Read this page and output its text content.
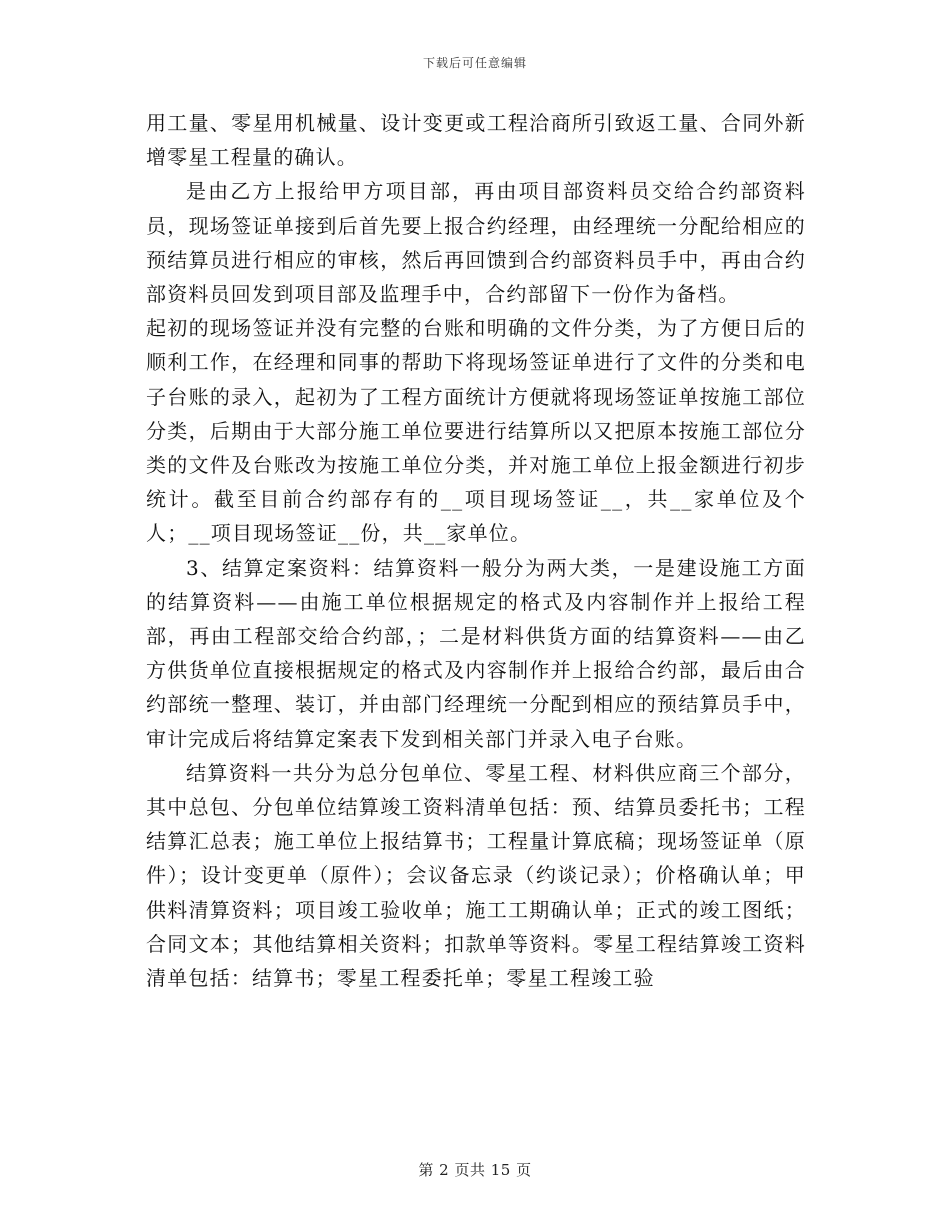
下载后可任意编辑

用工量、零星用机械量、设计变更或工程洽商所引致返工量、合同外新增零星工程量的确认。

是由乙方上报给甲方项目部，再由项目部资料员交给合约部资料员，现场签证单接到后首先要上报合约经理，由经理统一分配给相应的预结算员进行相应的审核，然后再回馈到合约部资料员手中，再由合约部资料员回发到项目部及监理手中，合约部留下一份作为备档。

起初的现场签证并没有完整的台账和明确的文件分类，为了方便日后的顺利工作，在经理和同事的帮助下将现场签证单进行了文件的分类和电子台账的录入，起初为了工程方面统计方便就将现场签证单按施工部位分类，后期由于大部分施工单位要进行结算所以又把原本按施工部位分类的文件及台账改为按施工单位分类，并对施工单位上报金额进行初步统计。截至目前合约部存有的__项目现场签证__，共__家单位及个人；__项目现场签证__份，共__家单位。

3、结算定案资料：结算资料一般分为两大类，一是建设施工方面的结算资料——由施工单位根据规定的格式及内容制作并上报给工程部，再由工程部交给合约部，；二是材料供货方面的结算资料——由乙方供货单位直接根据规定的格式及内容制作并上报给合约部，最后由合约部统一整理、装订，并由部门经理统一分配到相应的预结算员手中，审计完成后将结算定案表下发到相关部门并录入电子台账。

结算资料一共分为总分包单位、零星工程、材料供应商三个部分，其中总包、分包单位结算竣工资料清单包括：预、结算员委托书；工程结算汇总表；施工单位上报结算书；工程量计算底稿；现场签证单（原件）；设计变更单（原件）；会议备忘录（约谈记录）；价格确认单；甲供料清算资料；项目竣工验收单；施工工期确认单；正式的竣工图纸；合同文本；其他结算相关资料；扣款单等资料。零星工程结算竣工资料清单包括：结算书；零星工程委托单；零星工程竣工验

第 2 页共 15 页
